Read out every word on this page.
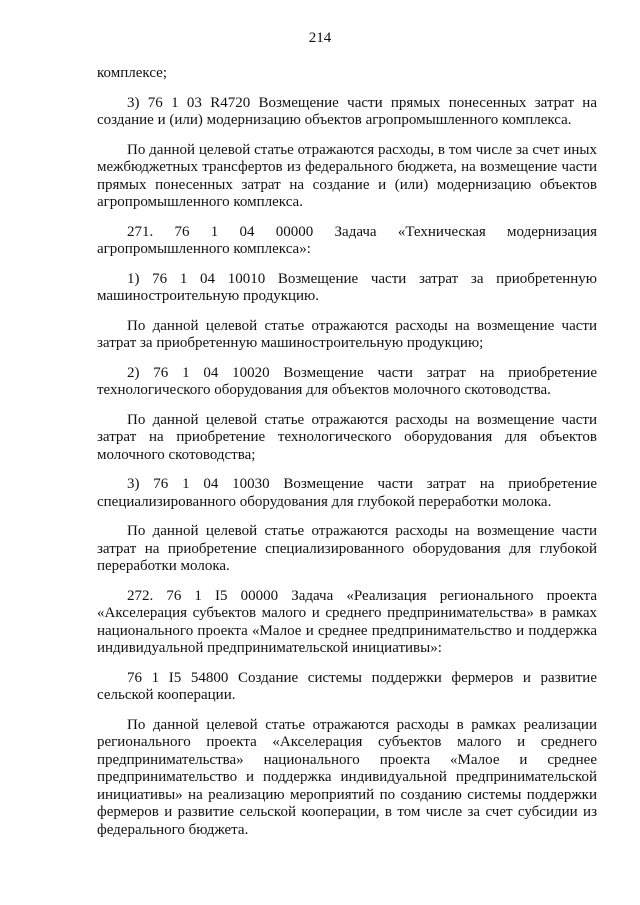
214

комплексе;

3) 76 1 03 R4720 Возмещение части прямых понесенных затрат на создание и (или) модернизацию объектов агропромышленного комплекса.

По данной целевой статье отражаются расходы, в том числе за счет иных межбюджетных трансфертов из федерального бюджета, на возмещение части прямых понесенных затрат на создание и (или) модернизацию объектов агропромышленного комплекса.

271. 76 1 04 00000 Задача «Техническая модернизация агропромышленного комплекса»:

1) 76 1 04 10010 Возмещение части затрат за приобретенную машиностроительную продукцию.

По данной целевой статье отражаются расходы на возмещение части затрат за приобретенную машиностроительную продукцию;

2) 76 1 04 10020 Возмещение части затрат на приобретение технологического оборудования для объектов молочного скотоводства.

По данной целевой статье отражаются расходы на возмещение части затрат на приобретение технологического оборудования для объектов молочного скотоводства;

3) 76 1 04 10030 Возмещение части затрат на приобретение специализированного оборудования для глубокой переработки молока.

По данной целевой статье отражаются расходы на возмещение части затрат на приобретение специализированного оборудования для глубокой переработки молока.

272. 76 1 I5 00000 Задача «Реализация регионального проекта «Акселерация субъектов малого и среднего предпринимательства» в рамках национального проекта «Малое и среднее предпринимательство и поддержка индивидуальной предпринимательской инициативы»:

76 1 I5 54800 Создание системы поддержки фермеров и развитие сельской кооперации.

По данной целевой статье отражаются расходы в рамках реализации регионального проекта «Акселерация субъектов малого и среднего предпринимательства» национального проекта «Малое и среднее предпринимательство и поддержка индивидуальной предпринимательской инициативы» на реализацию мероприятий по созданию системы поддержки фермеров и развитие сельской кооперации, в том числе за счет субсидии из федерального бюджета.
